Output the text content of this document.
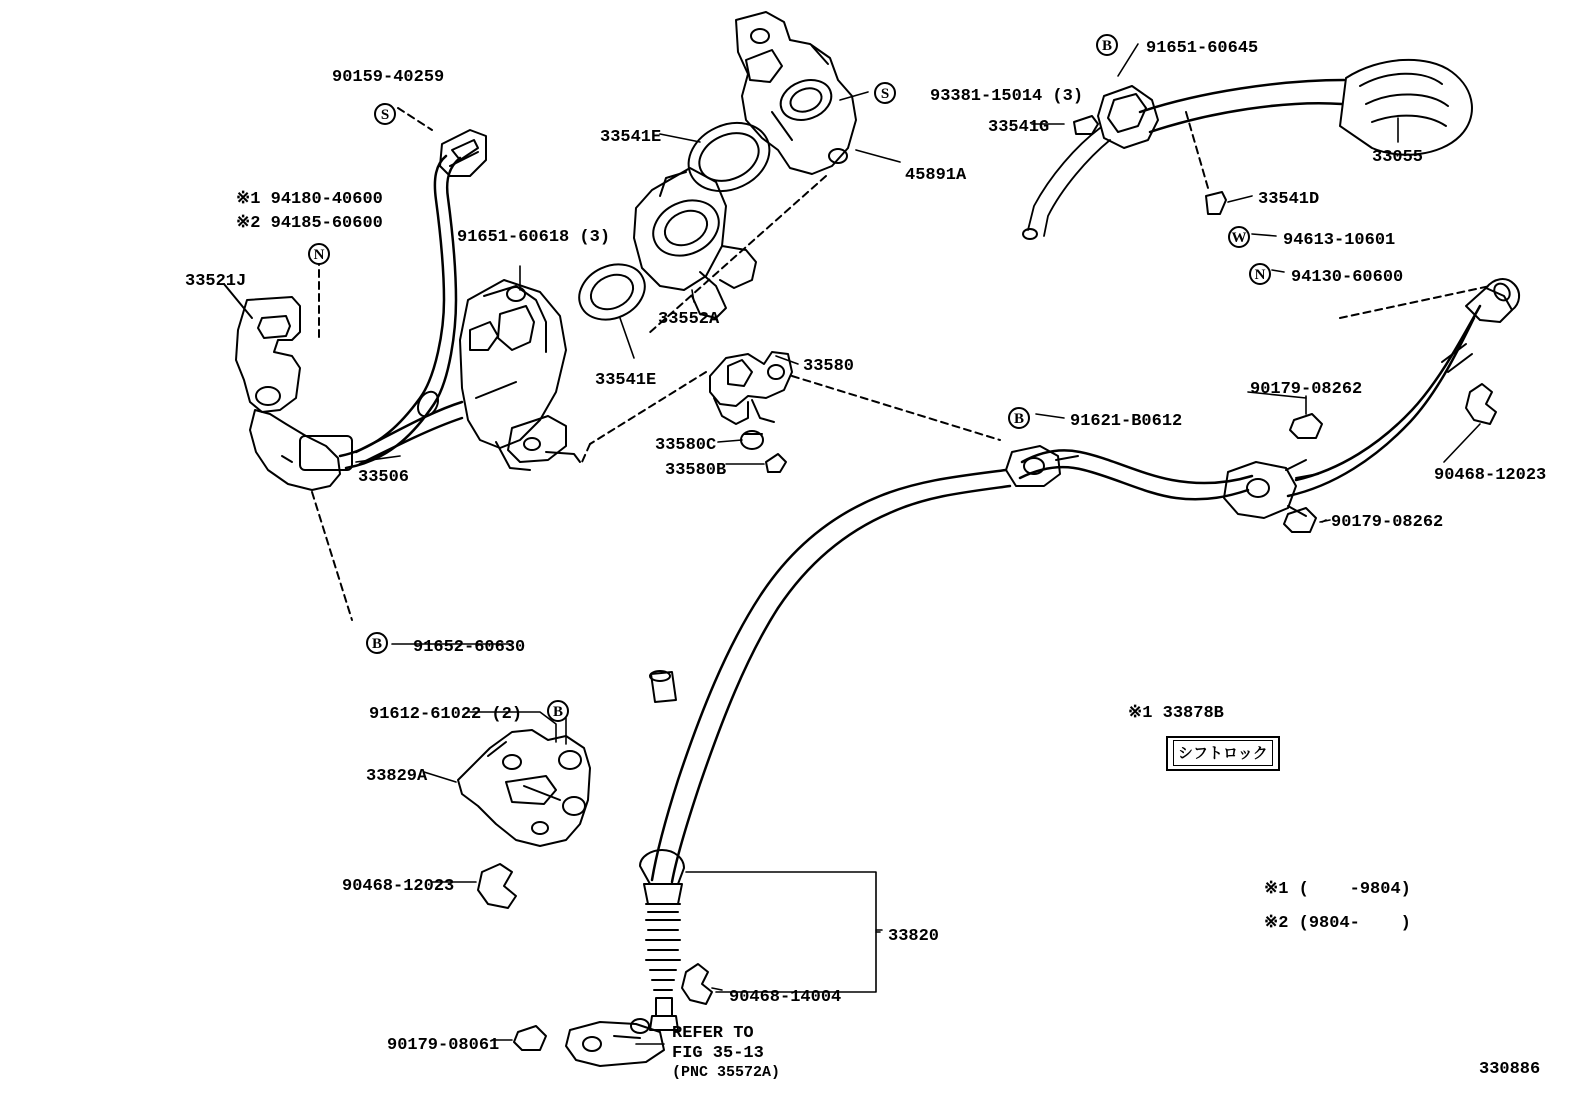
90159-40259
※1 94180-40600
※2 94185-60600
33521J
91651-60618 (3)
33506
33541E
33552A
33541E
93381-15014 (3)
45891A
33541G
91651-60645
33055
33541D
94613-10601
94130-60600
33580
33580C
33580B
91621-B0612
90179-08262
90179-08262
90468-12023
91652-60630
91612-61022 (2)
33829A
90468-12023
33820
90468-14004
90179-08061
REFER TO
FIG 35-13
(PNC 35572A)
S
N
S
B
W
N
B
B
B	※1 33878B
シフトロック
※1 (    -9804)
※2 (9804-    )
330886
